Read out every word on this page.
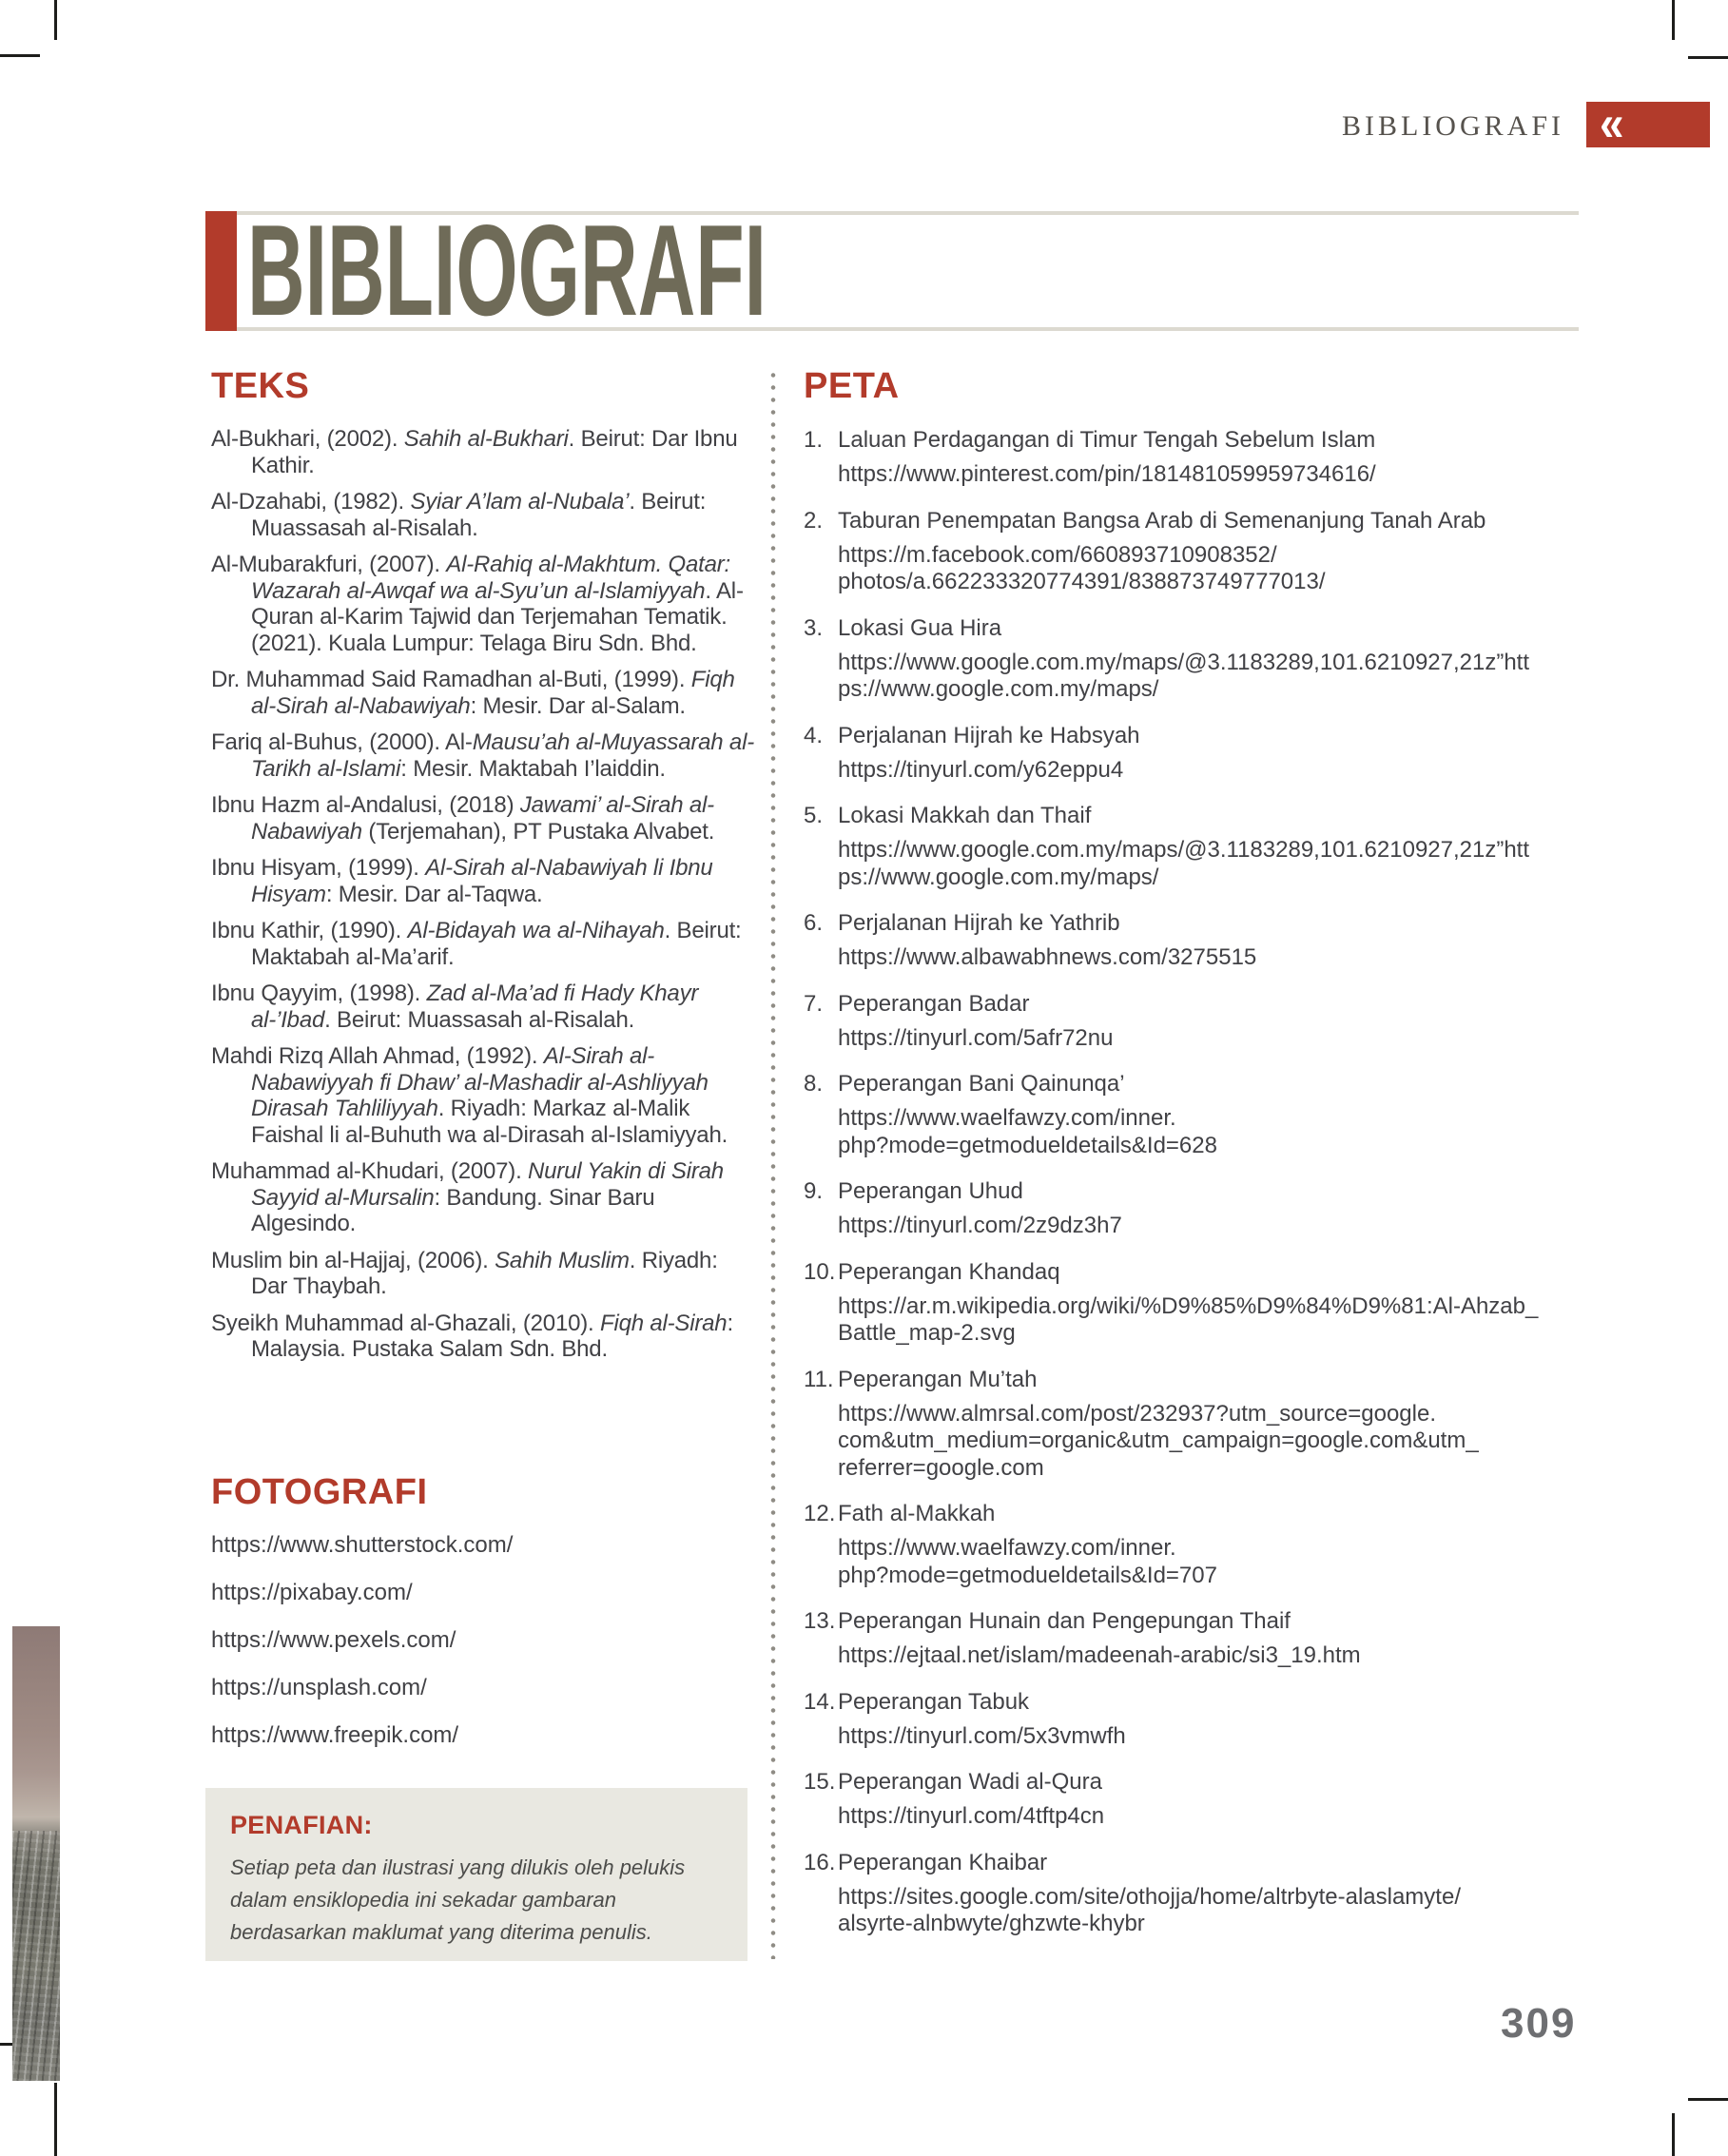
BIBLIOGRAFI «
BIBLIOGRAFI
TEKS

Al-Bukhari, (2002). Sahih al-Bukhari. Beirut: Dar Ibnu Kathir.

Al-Dzahabi, (1982). Syiar A’lam al-Nubala’. Beirut: Muassasah al-Risalah.

Al-Mubarakfuri, (2007). Al-Rahiq al-Makhtum. Qatar: Wazarah al-Awqaf wa al-Syu’un al-Islamiyyah. Al-Quran al-Karim Tajwid dan Terjemahan Tematik. (2021). Kuala Lumpur: Telaga Biru Sdn. Bhd.

Dr. Muhammad Said Ramadhan al-Buti, (1999). Fiqh al-Sirah al-Nabawiyah: Mesir. Dar al-Salam.

Fariq al-Buhus, (2000). Al-Mausu’ah al-Muyassarah al-Tarikh al-Islami: Mesir. Maktabah I’laiddin.

Ibnu Hazm al-Andalusi, (2018) Jawami’ al-Sirah al-Nabawiyah (Terjemahan), PT Pustaka Alvabet.

Ibnu Hisyam, (1999). Al-Sirah al-Nabawiyah li Ibnu Hisyam: Mesir. Dar al-Taqwa.

Ibnu Kathir, (1990). Al-Bidayah wa al-Nihayah. Beirut: Maktabah al-Ma’arif.

Ibnu Qayyim, (1998). Zad al-Ma’ad fi Hady Khayr al-’Ibad. Beirut: Muassasah al-Risalah.

Mahdi Rizq Allah Ahmad, (1992). Al-Sirah al-Nabawiyyah fi Dhaw’ al-Mashadir al-Ashliyyah Dirasah Tahliliyyah. Riyadh: Markaz al-Malik Faishal li al-Buhuth wa al-Dirasah al-Islamiyyah.

Muhammad al-Khudari, (2007). Nurul Yakin di Sirah Sayyid al-Mursalin: Bandung. Sinar Baru Algesindo.

Muslim bin al-Hajjaj, (2006). Sahih Muslim. Riyadh: Dar Thaybah.

Syeikh Muhammad al-Ghazali, (2010). Fiqh al-Sirah: Malaysia. Pustaka Salam Sdn. Bhd.

FOTOGRAFI
https://www.shutterstock.com/
https://pixabay.com/
https://www.pexels.com/
https://unsplash.com/
https://www.freepik.com/
PENAFIAN:

Setiap peta dan ilustrasi yang dilukis oleh pelukis dalam ensiklopedia ini sekadar gambaran berdasarkan maklumat yang diterima penulis.

PETA
1. Laluan Perdagangan di Timur Tengah Sebelum Islam
https://www.pinterest.com/pin/181481059959734616/
2. Taburan Penempatan Bangsa Arab di Semenanjung Tanah Arab
https://m.facebook.com/660893710908352/
photos/a.662233320774391/838873749777013/
3. Lokasi Gua Hira
https://www.google.com.my/maps/@3.1183289,101.6210927,21z”htt
ps://www.google.com.my/maps/
4. Perjalanan Hijrah ke Habsyah
https://tinyurl.com/y62eppu4
5. Lokasi Makkah dan Thaif
https://www.google.com.my/maps/@3.1183289,101.6210927,21z”htt
ps://www.google.com.my/maps/
6. Perjalanan Hijrah ke Yathrib
https://www.albawabhnews.com/3275515
7. Peperangan Badar
https://tinyurl.com/5afr72nu
8. Peperangan Bani Qainunqa’
https://www.waelfawzy.com/inner.
php?mode=getmodueldetails&Id=628
9. Peperangan Uhud
https://tinyurl.com/2z9dz3h7
10. Peperangan Khandaq
https://ar.m.wikipedia.org/wiki/%D9%85%D9%84%D9%81:Al-Ahzab_
Battle_map-2.svg
11. Peperangan Mu’tah
https://www.almrsal.com/post/232937?utm_source=google.
com&utm_medium=organic&utm_campaign=google.com&utm_
referrer=google.com
12. Fath al-Makkah
https://www.waelfawzy.com/inner.
php?mode=getmodueldetails&Id=707
13. Peperangan Hunain dan Pengepungan Thaif
https://ejtaal.net/islam/madeenah-arabic/si3_19.htm
14. Peperangan Tabuk
https://tinyurl.com/5x3vmwfh
15. Peperangan Wadi al-Qura
https://tinyurl.com/4tftp4cn
16. Peperangan Khaibar
https://sites.google.com/site/othojja/home/altrbyte-alaslamyte/
alsyrte-alnbwyte/ghzwte-khybr
309
